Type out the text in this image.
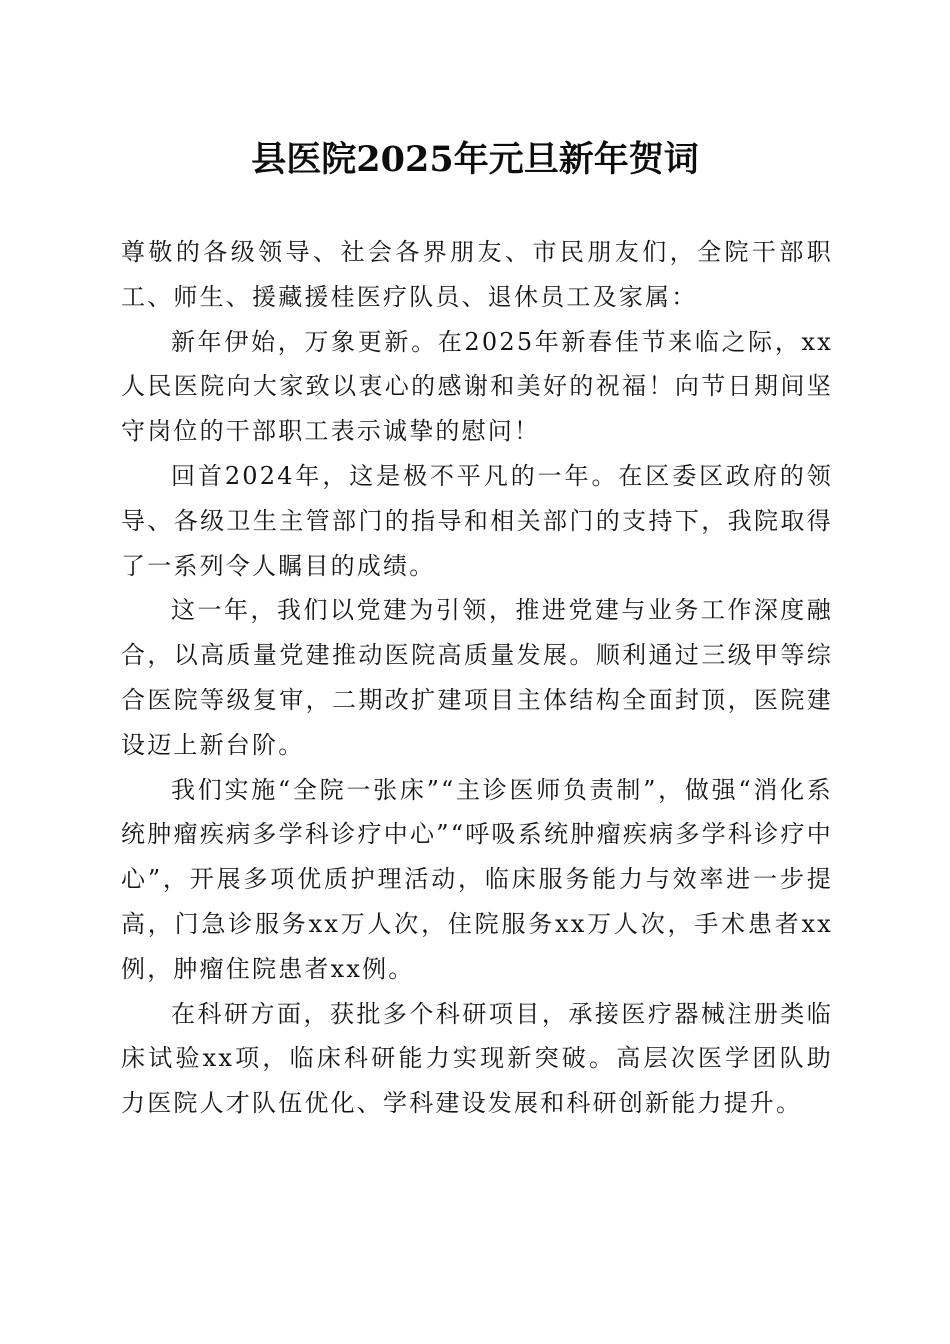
县医院2025年元旦新年贺词

尊敬的各级领导、社会各界朋友、市民朋友们，全院干部职工、师生、援藏援桂医疗队员、退休员工及家属：

新年伊始，万象更新。在2025年新春佳节来临之际，xx人民医院向大家致以衷心的感谢和美好的祝福！向节日期间坚守岗位的干部职工表示诚挚的慰问！

回首2024年，这是极不平凡的一年。在区委区政府的领导、各级卫生主管部门的指导和相关部门的支持下，我院取得了一系列令人瞩目的成绩。

这一年，我们以党建为引领，推进党建与业务工作深度融合，以高质量党建推动医院高质量发展。顺利通过三级甲等综合医院等级复审，二期改扩建项目主体结构全面封顶，医院建设迈上新台阶。

我们实施“全院一张床”“主诊医师负责制”，做强“消化系统肿瘤疾病多学科诊疗中心”“呼吸系统肿瘤疾病多学科诊疗中心”，开展多项优质护理活动，临床服务能力与效率进一步提高，门急诊服务xx万人次，住院服务xx万人次，手术患者xx例，肿瘤住院患者xx例。

在科研方面，获批多个科研项目，承接医疗器械注册类临床试验xx项，临床科研能力实现新突破。高层次医学团队助力医院人才队伍优化、学科建设发展和科研创新能力提升。
